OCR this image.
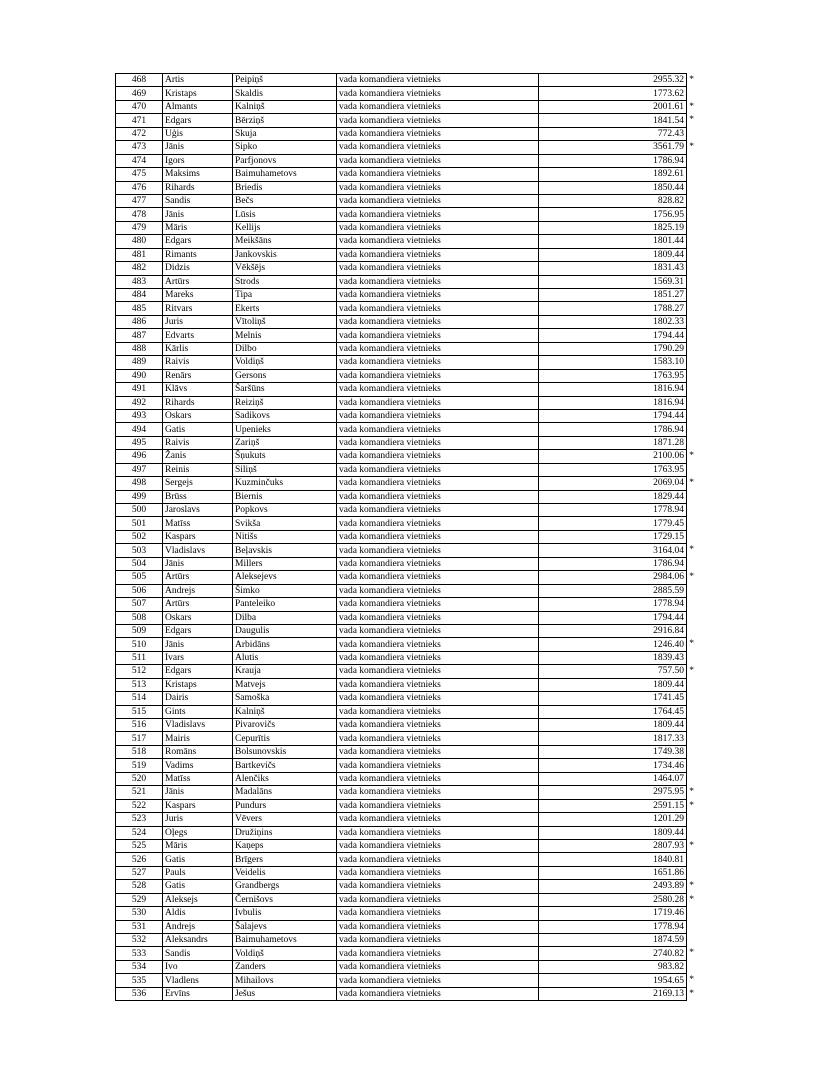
468	Artis	Peipiņš	vada komandiera vietnieks	2955.32 *

469	Kristaps	Skaldis	vada komandiera vietnieks	1773.62

470	Almants	Kalniņš	vada komandiera vietnieks	2001.61 *

471	Edgars	Bērziņš	vada komandiera vietnieks	1841.54 *

472	Uģis	Skuja	vada komandiera vietnieks	772.43

473	Jānis	Sipko	vada komandiera vietnieks	3561.79 *

474	Igors	Parfjonovs	vada komandiera vietnieks	1786.94

475	Maksims	Baimuhametovs	vada komandiera vietnieks	1892.61

476	Rihards	Briedis	vada komandiera vietnieks	1850.44

477	Sandis	Bečs	vada komandiera vietnieks	828.82

478	Jānis	Lūsis	vada komandiera vietnieks	1756.95

479	Māris	Kellijs	vada komandiera vietnieks	1825.19

480	Edgars	Meikšāns	vada komandiera vietnieks	1801.44

481	Rimants	Jankovskis	vada komandiera vietnieks	1809.44

482	Didzis	Vēkšējs	vada komandiera vietnieks	1831.43

483	Artūrs	Strods	vada komandiera vietnieks	1569.31

484	Mareks	Tipa	vada komandiera vietnieks	1851.27

485	Ritvars	Ekerts	vada komandiera vietnieks	1788.27

486	Juris	Vītoliņš	vada komandiera vietnieks	1802.33

487	Edvarts	Melnis	vada komandiera vietnieks	1794.44

488	Kārlis	Dilbo	vada komandiera vietnieks	1790.29

489	Raivis	Voldiņš	vada komandiera vietnieks	1583.10

490	Renārs	Gersons	vada komandiera vietnieks	1763.95

491	Klāvs	Šaršūns	vada komandiera vietnieks	1816.94

492	Rihards	Reiziņš	vada komandiera vietnieks	1816.94

493	Oskars	Sadikovs	vada komandiera vietnieks	1794.44

494	Gatis	Upenieks	vada komandiera vietnieks	1786.94

495	Raivis	Zariņš	vada komandiera vietnieks	1871.28

496	Žanis	Šņukuts	vada komandiera vietnieks	2100.06 *

497	Reinis	Siliņš	vada komandiera vietnieks	1763.95

498	Sergejs	Kuzminčuks	vada komandiera vietnieks	2069.04 *

499	Brūss	Biernis	vada komandiera vietnieks	1829.44

500	Jaroslavs	Popkovs	vada komandiera vietnieks	1778.94

501	Matīss	Svikša	vada komandiera vietnieks	1779.45

502	Kaspars	Nitišs	vada komandiera vietnieks	1729.15

503	Vladislavs	Beļavskis	vada komandiera vietnieks	3164.04 *

504	Jānis	Millers	vada komandiera vietnieks	1786.94

505	Artūrs	Aleksejevs	vada komandiera vietnieks	2984.06 *

506	Andrejs	Šimko	vada komandiera vietnieks	2885.59

507	Artūrs	Panteleiko	vada komandiera vietnieks	1778.94

508	Oskars	Dilba	vada komandiera vietnieks	1794.44

509	Edgars	Daugulis	vada komandiera vietnieks	2916.84

510	Jānis	Arbidāns	vada komandiera vietnieks	1246.40 *

511	Ivars	Alutis	vada komandiera vietnieks	1839.43

512	Edgars	Krauja	vada komandiera vietnieks	757.50 *

513	Kristaps	Matvejs	vada komandiera vietnieks	1809.44

514	Dairis	Samoška	vada komandiera vietnieks	1741.45

515	Gints	Kalniņš	vada komandiera vietnieks	1764.45

516	Vladislavs	Pivarovičs	vada komandiera vietnieks	1809.44

517	Mairis	Cepurītis	vada komandiera vietnieks	1817.33

518	Romāns	Bolsunovskis	vada komandiera vietnieks	1749.38

519	Vadims	Bartkevičs	vada komandiera vietnieks	1734.46

520	Matīss	Alenčiks	vada komandiera vietnieks	1464.07

521	Jānis	Madalāns	vada komandiera vietnieks	2975.95 *

522	Kaspars	Pundurs	vada komandiera vietnieks	2591.15 *

523	Juris	Vēvers	vada komandiera vietnieks	1201.29

524	Oļegs	Družiņins	vada komandiera vietnieks	1809.44

525	Māris	Kaņeps	vada komandiera vietnieks	2807.93 *

526	Gatis	Brīgers	vada komandiera vietnieks	1840.81

527	Pauls	Veidelis	vada komandiera vietnieks	1651.86

528	Gatis	Grandbergs	vada komandiera vietnieks	2493.89 *

529	Aleksejs	Černišovs	vada komandiera vietnieks	2580.28 *

530	Aldis	Ivbulis	vada komandiera vietnieks	1719.46

531	Andrejs	Šalajevs	vada komandiera vietnieks	1778.94

532	Aleksandrs	Baimuhametovs	vada komandiera vietnieks	1874.59

533	Sandis	Voldiņš	vada komandiera vietnieks	2740.82 *

534	Ivo	Zanders	vada komandiera vietnieks	983.82

535	Vladlens	Mihailovs	vada komandiera vietnieks	1954.65 *

536	Ervīns	Ješus	vada komandiera vietnieks	2169.13 *
